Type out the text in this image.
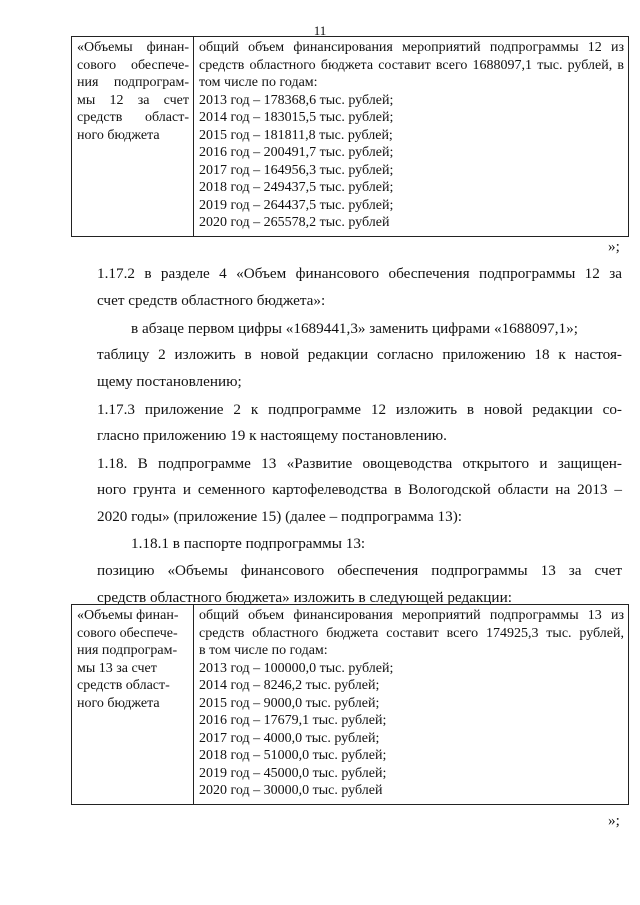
11
«Объемы финан-
сового обеспече-
ния подпрограм-
мы 12 за счет
средств област-
ного бюджета

общий объем финансирования мероприятий подпрограммы 12 из
средств областного бюджета составит всего 1688097,1 тыс. рублей, в
том числе по годам:
2013 год – 178368,6 тыс. рублей;
2014 год – 183015,5 тыс. рублей;
2015 год – 181811,8 тыс. рублей;
2016 год – 200491,7 тыс. рублей;
2017 год – 164956,3 тыс. рублей;
2018 год – 249437,5 тыс. рублей;
2019 год – 264437,5 тыс. рублей;
2020 год – 265578,2 тыс. рублей
»;
1.17.2 в разделе 4 «Объем финансового обеспечения подпрограммы 12 за
счет средств областного бюджета»:
в абзаце первом цифры «1689441,3» заменить цифрами «1688097,1»;
таблицу 2 изложить в новой редакции согласно приложению 18 к настоя-
щему постановлению;
1.17.3 приложение 2 к подпрограмме 12 изложить в новой редакции со-
гласно приложению 19 к настоящему постановлению.
1.18. В подпрограмме 13 «Развитие овощеводства открытого и защищен-
ного грунта и семенного картофелеводства в Вологодской области на 2013 –
2020 годы» (приложение 15) (далее – подпрограмма 13):
1.18.1 в паспорте подпрограммы 13:
позицию «Объемы финансового обеспечения подпрограммы 13 за счет
средств областного бюджета» изложить в следующей редакции:
«Объемы финан-
сового обеспече-
ния подпрограм-
мы 13 за счет
средств област-
ного бюджета

общий объем финансирования мероприятий подпрограммы 13 из
средств областного бюджета составит всего 174925,3 тыс. рублей,
в том числе по годам:
2013 год – 100000,0 тыс. рублей;
2014 год – 8246,2 тыс. рублей;
2015 год – 9000,0 тыс. рублей;
2016 год – 17679,1 тыс. рублей;
2017 год – 4000,0 тыс. рублей;
2018 год – 51000,0 тыс. рублей;
2019 год – 45000,0 тыс. рублей;
2020 год – 30000,0 тыс. рублей
»;
